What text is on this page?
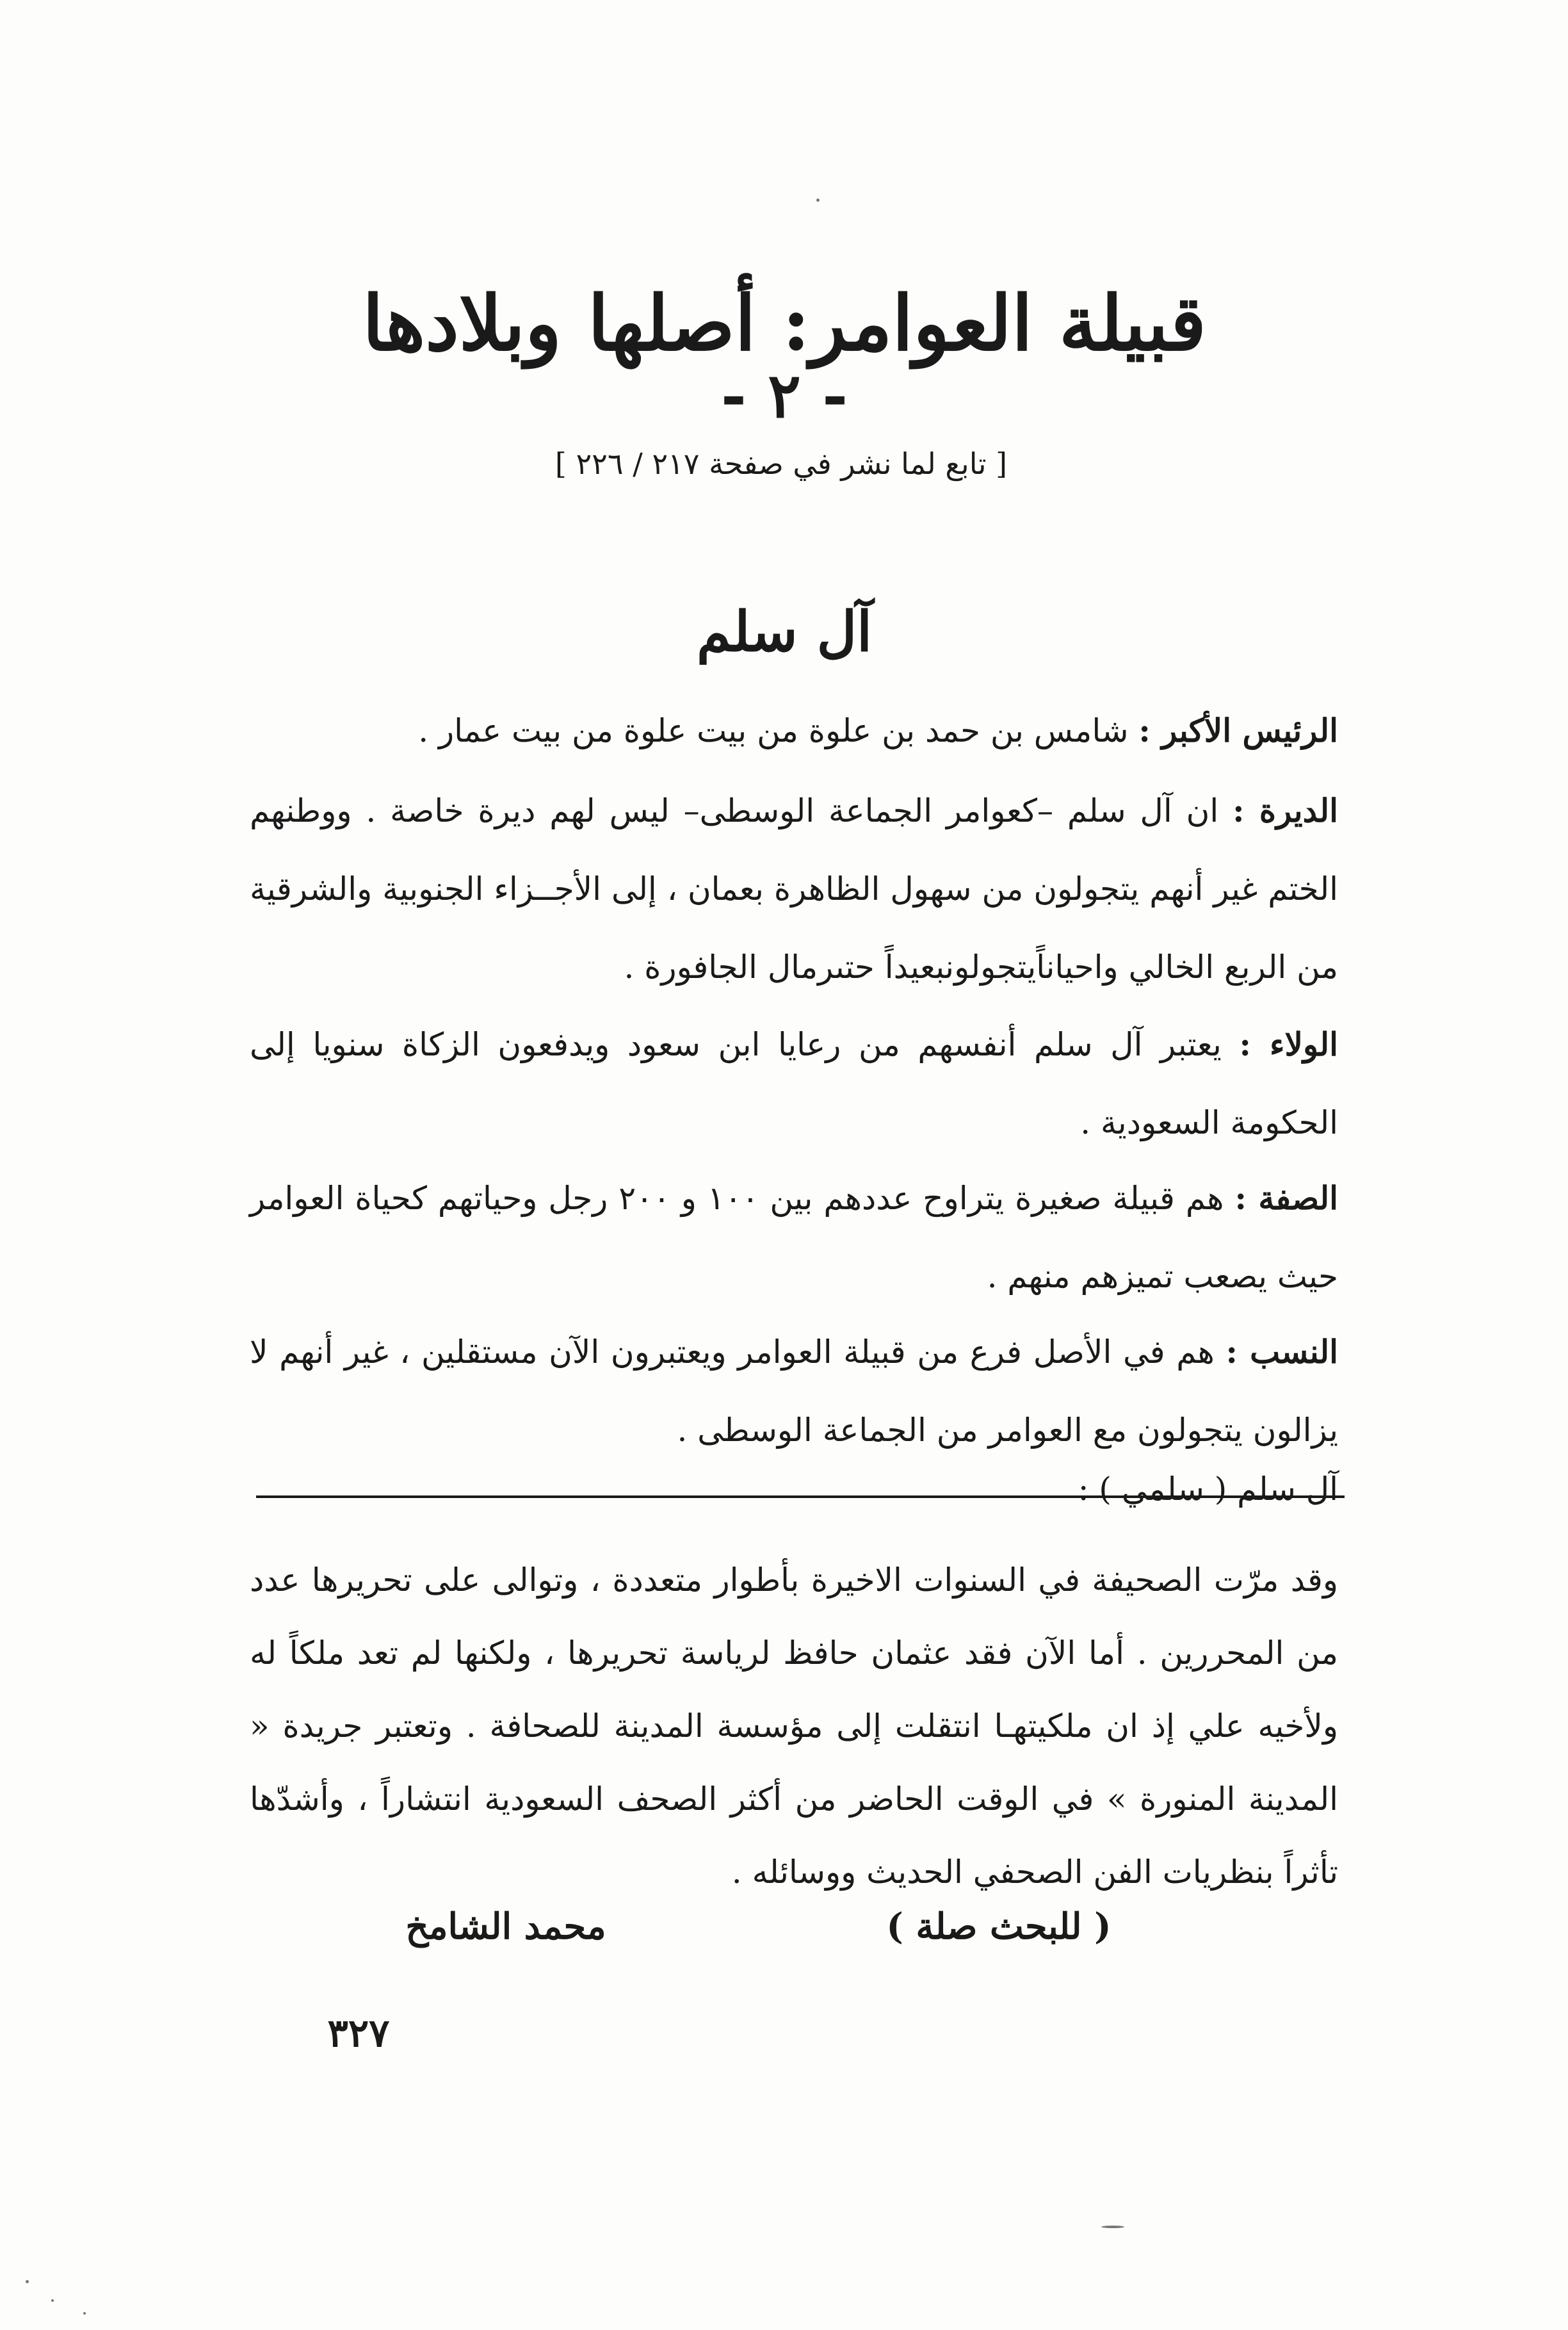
قبيلة العوامر: أصلها وبلادها
- ٢ -
[ تابع لما نشر في صفحة ٢١٧ / ٢٢٦ ]
آل سلم

الرئيس الأكبر : شامس بن حمد بن علوة من بيت علوة من بيت عمار .

الديرة : ان آل سلم –كعوامر الجماعة الوسطى– ليس لهم ديرة خاصة . ووطنهم الختم غير أنهم يتجولون من سهول الظاهرة بعمان ، إلى الأجــزاء الجنوبية والشرقية من الربع الخالي واحياناًيتجولونبعيداً حتىرمال الجافورة .

الولاء : يعتبر آل سلم أنفسهم من رعايا ابن سعود ويدفعون الزكاة سنويا إلى الحكومة السعودية .

الصفة : هم قبيلة صغيرة يتراوح عددهم بين ١٠٠ و ٢٠٠ رجل وحياتهم كحياة العوامر حيث يصعب تميزهم منهم .

النسب : هم في الأصل فرع من قبيلة العوامر ويعتبرون الآن مستقلين ، غير أنهم لا يزالون يتجولون مع العوامر من الجماعة الوسطى .

آل سلم ( سلمي ) :

وقد مرّت الصحيفة في السنوات الاخيرة بأطوار متعددة ، وتوالى على تحريرها عدد من المحررين . أما الآن فقد عثمان حافظ لرياسة تحريرها ، ولكنها لم تعد ملكاً له ولأخيه علي إذ ان ملكيتهـا انتقلت إلى مؤسسة المدينة للصحافة . وتعتبر جريدة « المدينة المنورة » في الوقت الحاضر من أكثر الصحف السعودية انتشاراً ، وأشدّها تأثراً بنظريات الفن الصحفي الحديث ووسائله .

( للبحث صلة )
محمد الشامخ
٣٢٧
